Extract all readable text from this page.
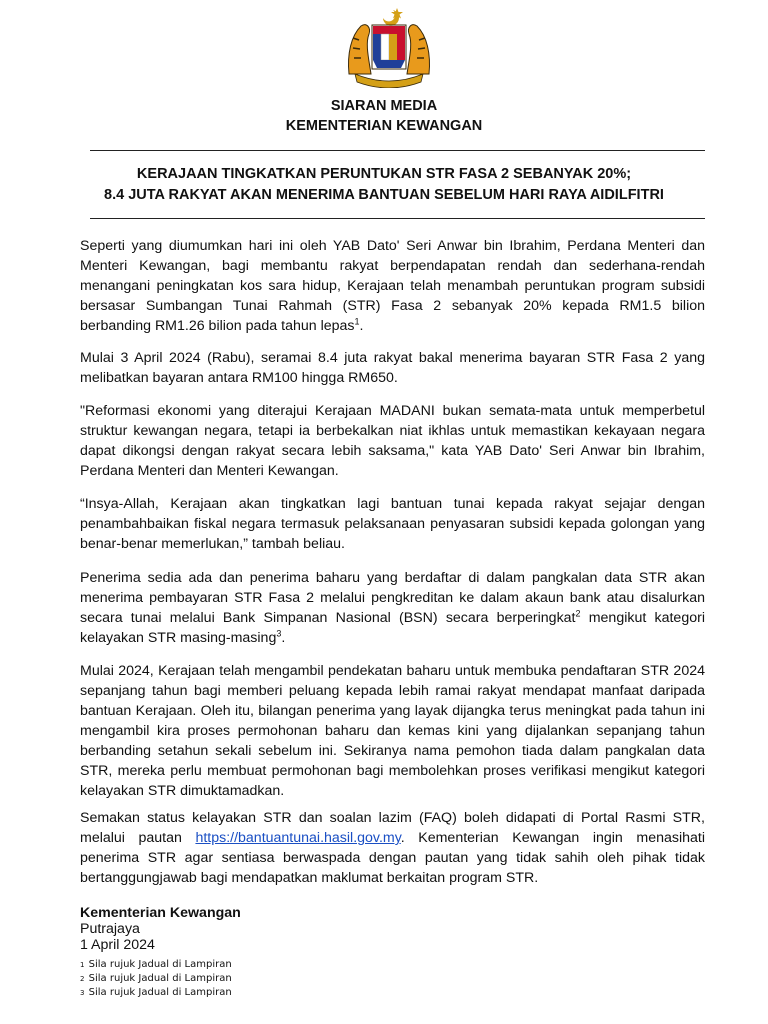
SIARAN MEDIA
KEMENTERIAN KEWANGAN
KERAJAAN TINGKATKAN PERUNTUKAN STR FASA 2 SEBANYAK 20%;
8.4 JUTA RAKYAT AKAN MENERIMA BANTUAN SEBELUM HARI RAYA AIDILFITRI

Seperti yang diumumkan hari ini oleh YAB Dato' Seri Anwar bin Ibrahim, Perdana Menteri dan Menteri Kewangan, bagi membantu rakyat berpendapatan rendah dan sederhana-rendah menangani peningkatan kos sara hidup, Kerajaan telah menambah peruntukan program subsidi bersasar Sumbangan Tunai Rahmah (STR) Fasa 2 sebanyak 20% kepada RM1.5 bilion berbanding RM1.26 bilion pada tahun lepas$^1$.

Mulai 3 April 2024 (Rabu), seramai 8.4 juta rakyat bakal menerima bayaran STR Fasa 2 yang melibatkan bayaran antara RM100 hingga RM650.

"Reformasi ekonomi yang diterajui Kerajaan MADANI bukan semata-mata untuk memperbetul struktur kewangan negara, tetapi ia berbekalkan niat ikhlas untuk memastikan kekayaan negara dapat dikongsi dengan rakyat secara lebih saksama," kata YAB Dato' Seri Anwar bin Ibrahim, Perdana Menteri dan Menteri Kewangan.

“Insya-Allah, Kerajaan akan tingkatkan lagi bantuan tunai kepada rakyat sejajar dengan penambahbaikan fiskal negara termasuk pelaksanaan penyasaran subsidi kepada golongan yang benar-benar memerlukan,” tambah beliau.

Penerima sedia ada dan penerima baharu yang berdaftar di dalam pangkalan data STR akan menerima pembayaran STR Fasa 2 melalui pengkreditan ke dalam akaun bank atau disalurkan secara tunai melalui Bank Simpanan Nasional (BSN) secara berperingkat$^2$ mengikut kategori kelayakan STR masing-masing$^3$.

Mulai 2024, Kerajaan telah mengambil pendekatan baharu untuk membuka pendaftaran STR 2024 sepanjang tahun bagi memberi peluang kepada lebih ramai rakyat mendapat manfaat daripada bantuan Kerajaan. Oleh itu, bilangan penerima yang layak dijangka terus meningkat pada tahun ini mengambil kira proses permohonan baharu dan kemas kini yang dijalankan sepanjang tahun berbanding setahun sekali sebelum ini. Sekiranya nama pemohon tiada dalam pangkalan data STR, mereka perlu membuat permohonan bagi membolehkan proses verifikasi mengikut kategori kelayakan STR dimuktamadkan.

Semakan status kelayakan STR dan soalan lazim (FAQ) boleh didapati di Portal Rasmi STR, melalui pautan https://bantuantunai.hasil.gov.my. Kementerian Kewangan ingin menasihati penerima STR agar sentiasa berwaspada dengan pautan yang tidak sahih oleh pihak tidak bertanggungjawab bagi mendapatkan maklumat berkaitan program STR.

Kementerian Kewangan
Putrajaya
1 April 2024
1 Sila rujuk Jadual di Lampiran
2 Sila rujuk Jadual di Lampiran
3 Sila rujuk Jadual di Lampiran
